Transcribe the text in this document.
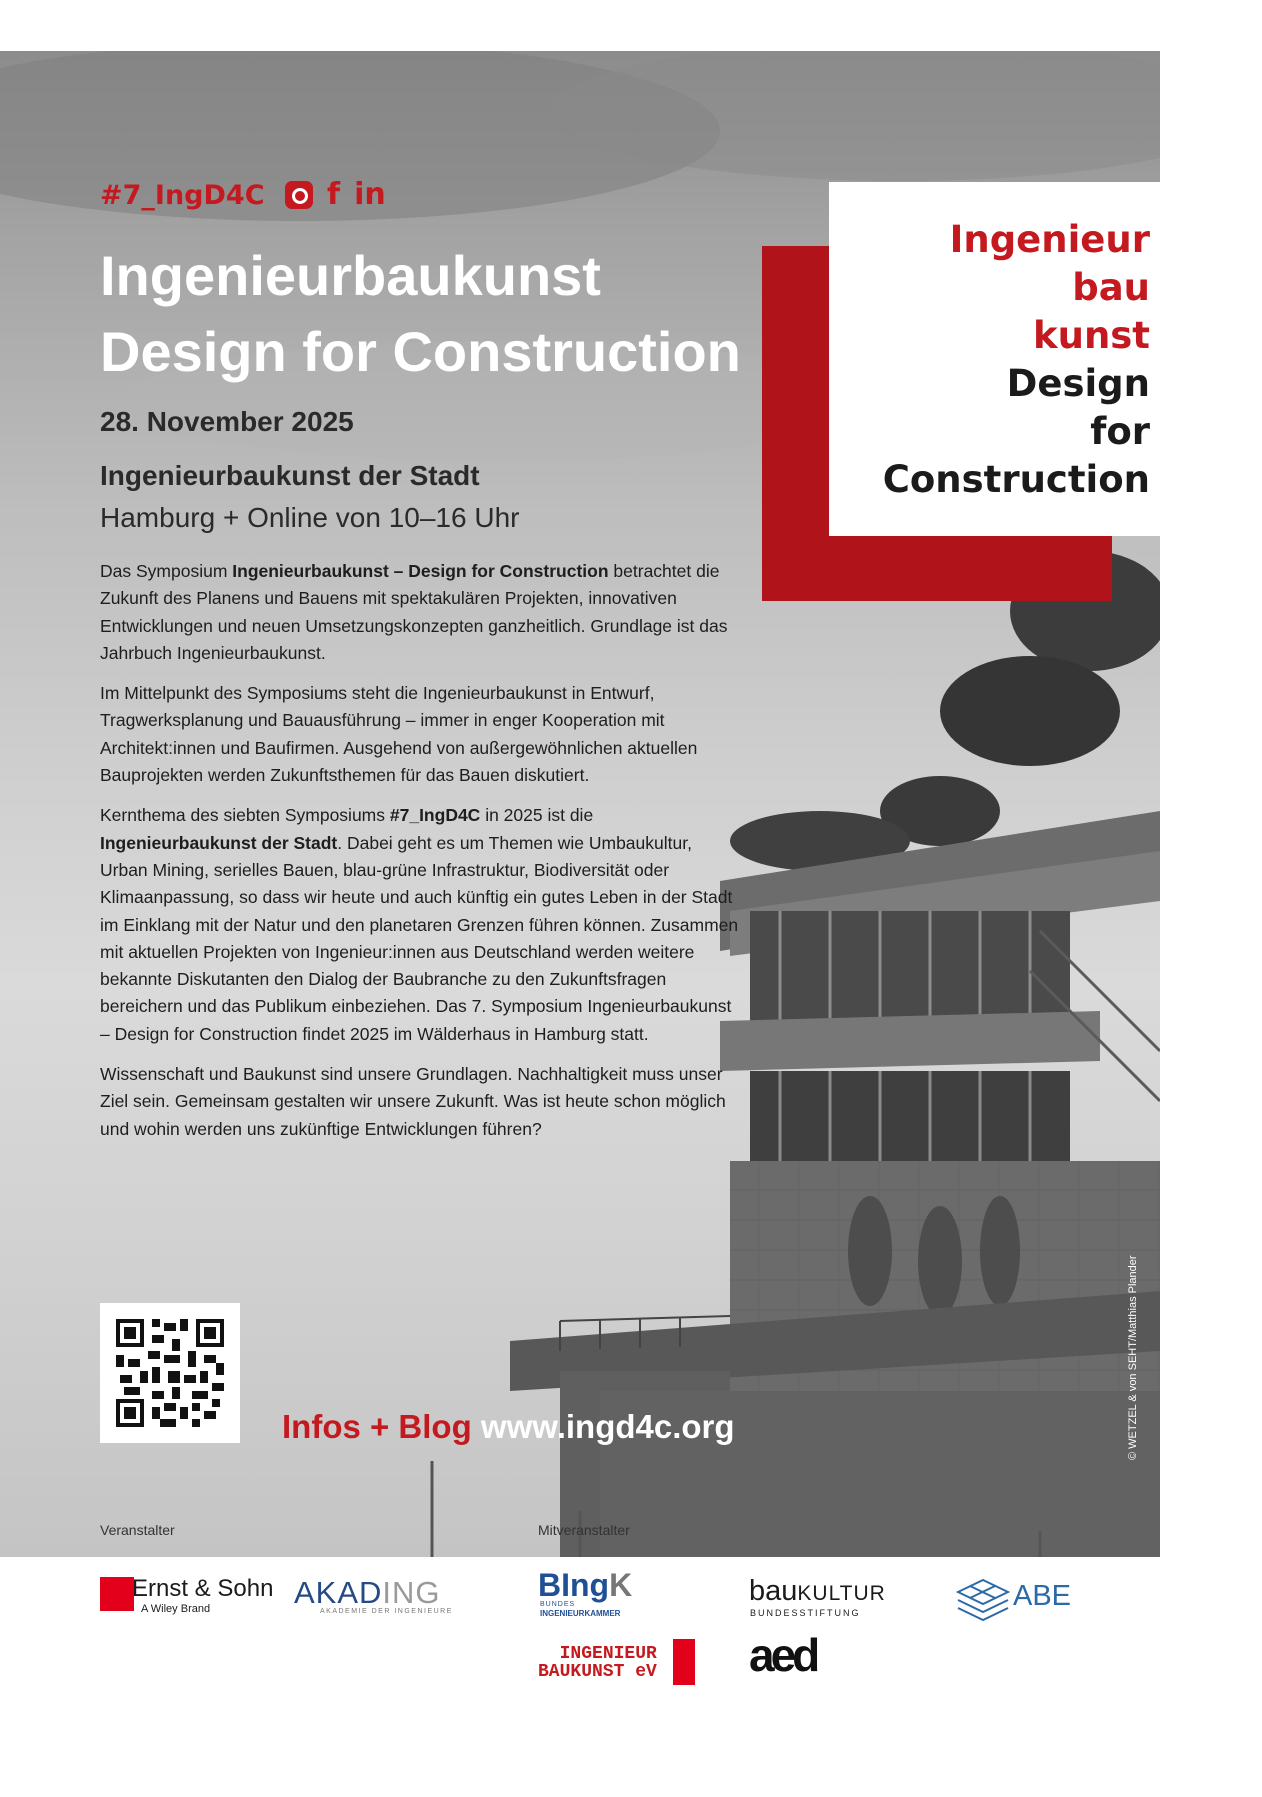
Ingenieur
bau
kunst
Design
for
Construction
#7_IngD4C f in
Ingenieurbaukunst
Design for Construction
28. November 2025
Ingenieurbaukunst der Stadt
Hamburg + Online von 10–16 Uhr

Das Symposium Ingenieurbaukunst – Design for Construction betrachtet die Zukunft des Planens und Bauens mit spektakulären Projekten, innovativen Entwicklungen und neuen Umsetzungskonzepten ganzheitlich. Grundlage ist das Jahrbuch Ingenieurbaukunst.

Im Mittelpunkt des Symposiums steht die Ingenieurbaukunst in Entwurf, Tragwerksplanung und Bauausführung – immer in enger Kooperation mit Architekt:innen und Baufirmen. Ausgehend von außergewöhnlichen aktuellen Bauprojekten werden Zukunftsthemen für das Bauen diskutiert.

Kernthema des siebten Symposiums #7_IngD4C in 2025 ist die Ingenieurbaukunst der Stadt. Dabei geht es um Themen wie Umbaukultur, Urban Mining, serielles Bauen, blau-grüne Infrastruktur, Biodiversität oder Klimaanpassung, so dass wir heute und auch künftig ein gutes Leben in der Stadt im Einklang mit der Natur und den planetaren Grenzen führen können. Zusammen mit aktuellen Projekten von Ingenieur:innen aus Deutschland werden weitere bekannte Diskutanten den Dialog der Baubranche zu den Zukunftsfragen bereichern und das Publikum einbeziehen. Das 7. Symposium Ingenieurbaukunst – Design for Construction findet 2025 im Wälderhaus in Hamburg statt.

Wissenschaft und Baukunst sind unsere Grundlagen. Nachhaltigkeit muss unser Ziel sein. Gemeinsam gestalten wir unsere Zukunft. Was ist heute schon möglich und wohin werden uns zukünftige Entwicklungen führen?

Infos + Blog www.ingd4c.org	© WETZEL & von SEHT/Matthias Plander
Veranstalter	Mitveranstalter
Ernst & Sohn
A Wiley Brand	AKADING
AKADEMIE DER INGENIEURE
BIngK
BUNDES
INGENIEURKAMMER
bauKULTUR
BUNDESSTIFTUNG
ABE
INGENIEUR
BAUKUNST eV aed
